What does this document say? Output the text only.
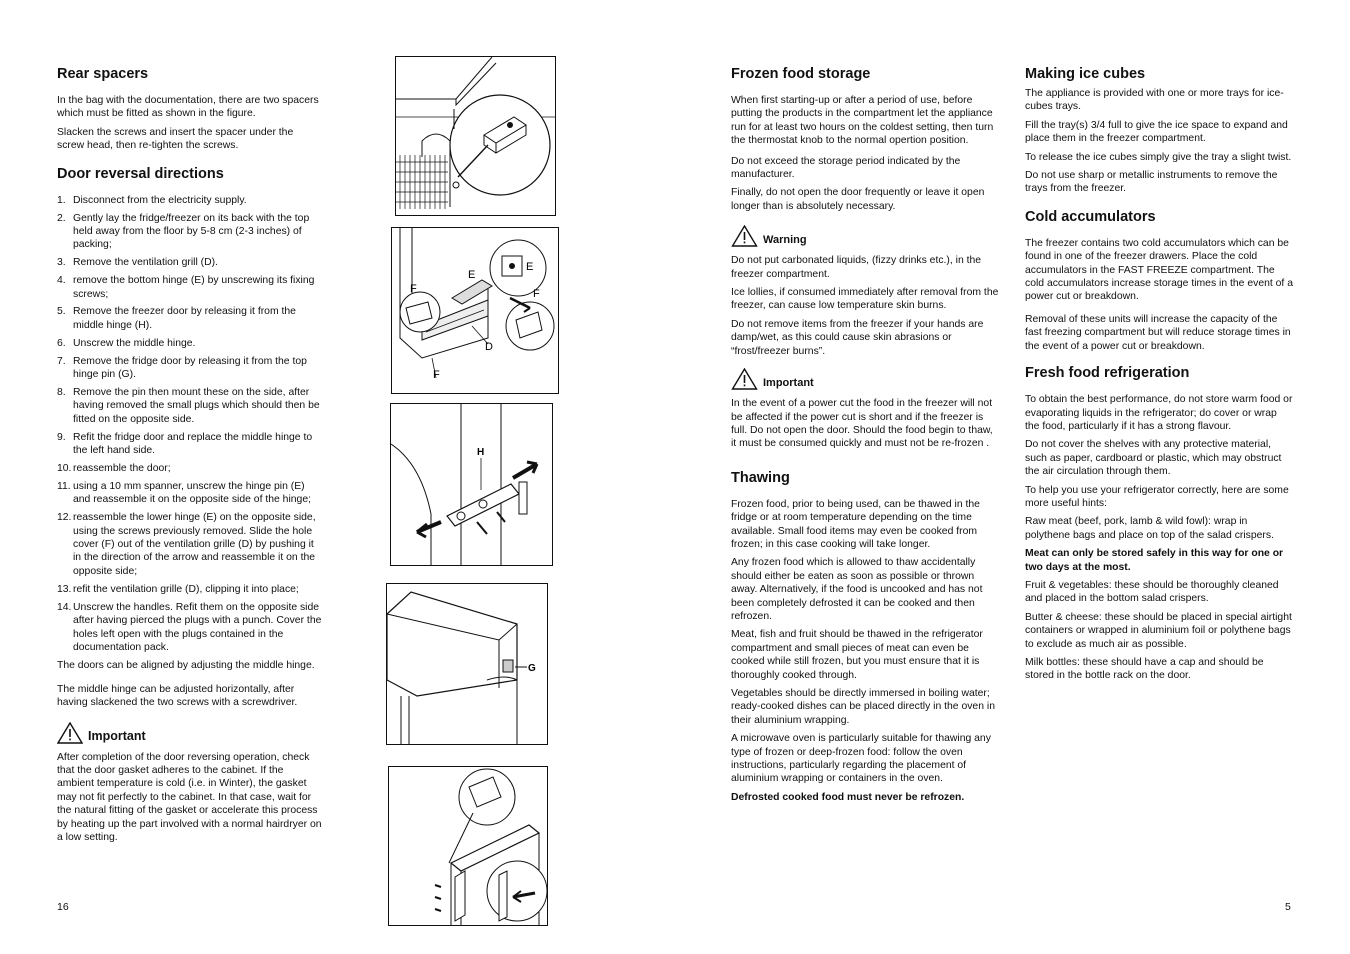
Rear spacers

In the bag with the documentation, there are two spacers which must be fitted as shown in the figure.

Slacken the screws and insert the spacer under the screw head, then re-tighten the screws.

Door reversal directions
1. Disconnect from the electricity supply.
2. Gently lay the fridge/freezer on its back with the top held away from the floor by 5-8 cm (2-3 inches) of packing;
3. Remove the ventilation grill (D).
4. remove the bottom hinge (E) by unscrewing its fixing screws;
5. Remove the freezer door by releasing it from the middle hinge (H).
6. Unscrew the middle hinge.
7. Remove the fridge door by releasing it from the top hinge pin (G).
8. Remove the pin then mount these on the side, after having removed the small plugs which should then be fitted on the opposite side.
9. Refit the fridge door and replace the middle hinge to the left hand side.
10. reassemble the door;
11. using a 10 mm spanner, unscrew the hinge pin (E) and reassemble it on the opposite side of the hinge;
12. reassemble the lower hinge (E) on the opposite side, using the screws previously removed. Slide the hole cover (F) out of the ventilation grille (D) by pushing it in the direction of the arrow and reassemble it on the opposite side;
13. refit the ventilation grille (D), clipping it into place;
14. Unscrew the handles. Refit them on the opposite side after having pierced the plugs with a punch. Cover the holes left open with the plugs contained in the documentation pack.

The doors can be aligned by adjusting the middle hinge.

The middle hinge can be adjusted horizontally, after having slackened the two screws with a screwdriver.

Important

After completion of the door reversing operation, check that the door gasket adheres to the cabinet. If the ambient temperature is cold (i.e. in Winter), the gasket may not fit perfectly to the cabinet. In that case, wait for the natural fitting of the gasket or accelerate this process by heating up the part involved with a normal hairdryer on a low setting.

16
E
E
F	F
D
F
H
G
Frozen food storage

When first starting-up or after a period of use, before putting the products in the compartment let the appliance run for at least two hours on the coldest setting, then turn the thermostat knob to the normal opertion position.

Do not exceed the storage period indicated by the manufacturer.

Finally, do not open the door frequently or leave it open longer than is absolutely necessary.

Warning

Do not put carbonated liquids, (fizzy drinks etc.), in the freezer compartment.

Ice lollies, if consumed immediately after removal from the freezer, can cause low temperature skin burns.

Do not remove items from the freezer if your hands are damp/wet, as this could cause skin abrasions or “frost/freezer burns”.

Important

In the event of a power cut the food in the freezer will not be affected if the power cut is short and if the freezer is full. Do not open the door. Should the food begin to thaw, it must be consumed quickly and must not be re-frozen .

Thawing

Frozen food, prior to being used, can be thawed in the fridge or at room temperature depending on the time available. Small food items may even be cooked from frozen; in this case cooking will take longer.

Any frozen food which is allowed to thaw accidentally should either be eaten as soon as possible or thrown away. Alternatively, if the food is uncooked and has not been completely defrosted it can be cooked and then refrozen.

Meat, fish and fruit should be thawed in the refrigerator compartment and small pieces of meat can even be cooked while still frozen, but you must ensure that it is thoroughly cooked through.

Vegetables should be directly immersed in boiling water; ready-cooked dishes can be placed directly in the oven in their aluminium wrapping.

A microwave oven is particularly suitable for thawing any type of frozen or deep-frozen food: follow the oven instructions, particularly regarding the placement of aluminium wrapping or containers in the oven.

Defrosted cooked food must never be refrozen.

Making ice cubes

The appliance is provided with one or more trays for ice-cubes trays.

Fill the tray(s) 3/4 full to give the ice space to expand and place them in the freezer compartment.

To release the ice cubes simply give the tray a slight twist.

Do not use sharp or metallic instruments to remove the trays from the freezer.

Cold accumulators

The freezer contains two cold accumulators which can be found in one of the freezer drawers. Place the cold accumulators in the FAST FREEZE compartment. The cold accumulators increase storage times in the event of a power cut or breakdown.

Removal of these units will increase the capacity of the fast freezing compartment but will reduce storage times in the event of a power cut or breakdown.

Fresh food refrigeration

To obtain the best performance, do not store warm food or evaporating liquids in the refrigerator; do cover or wrap the food, particularly if it has a strong flavour.

Do not cover the shelves with any protective material, such as paper, cardboard or plastic, which may obstruct the air circulation through them.

To help you use your refrigerator correctly, here are some more useful hints:

Raw meat (beef, pork, lamb & wild fowl): wrap in polythene bags and place on top of the salad crispers.

Meat can only be stored safely in this way for one or two days at the most.

Fruit & vegetables: these should be thoroughly cleaned and placed in the bottom salad crispers.

Butter & cheese: these should be placed in special airtight containers or wrapped in aluminium foil or polythene bags to exclude as much air as possible.

Milk bottles: these should have a cap and should be stored in the bottle rack on the door.

5
